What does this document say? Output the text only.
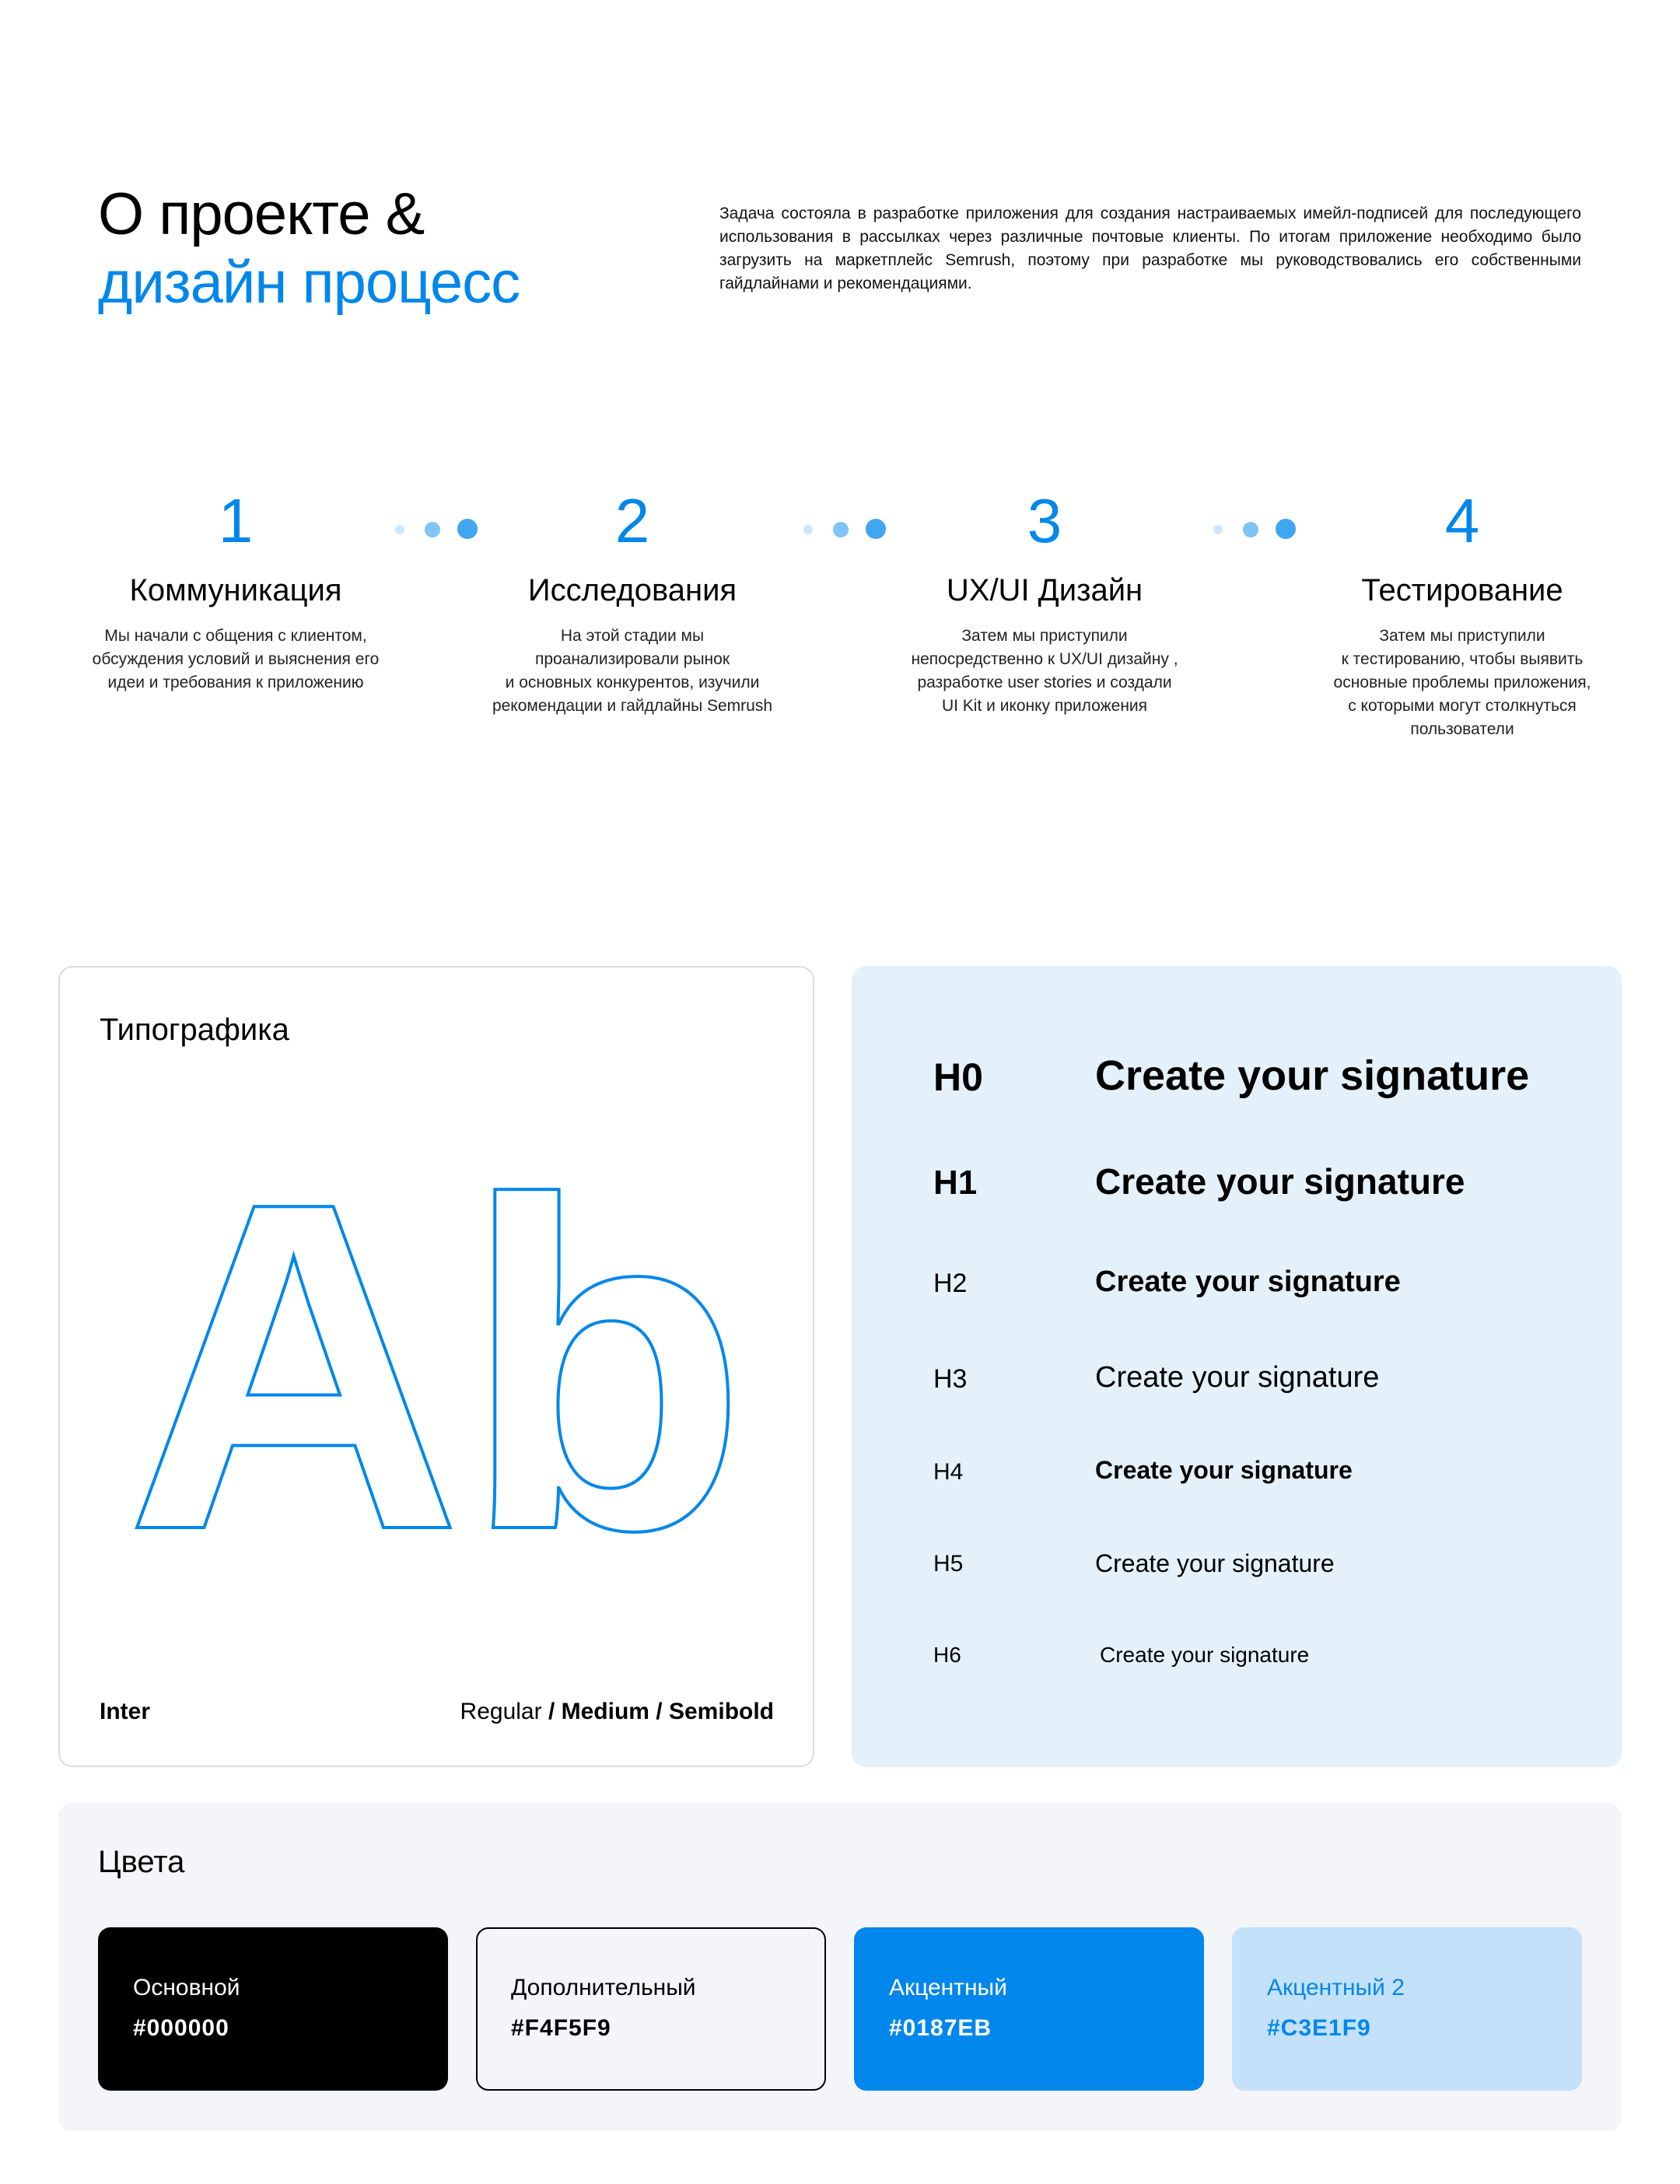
О проекте &
дизайн процесс
Задача состояла в разработке приложения для создания настраиваемых имейл-подписей для последующего использования в рассылках через различные почтовые клиенты. По итогам приложение необходимо было загрузить на маркетплейс Semrush, поэтому при разработке мы руководствовались его собственными гайдлайнами и рекомендациями.
1
Коммуникация
Мы начали с общения с клиентом,
обсуждения условий и выяснения его
идеи и требования к приложению
2
Исследования
На этой стадии мы
проанализировали рынок
и основных конкурентов, изучили
рекомендации и гайдлайны Semrush
3
UX/UI Дизайн
Затем мы приступили
непосредственно к UX/UI дизайну ,
разработке user stories и создали
UI Kit и иконку приложения
4
Тестирование
Затем мы приступили
к тестированию, чтобы выявить
основные проблемы приложения,
с которыми могут столкнуться
пользователи
Типографика
Ab
Inter	Regular / Medium / Semibold
H0	Create your signature
H1	Create your signature
H2	Create your signature
H3	Create your signature
H4	Create your signature
H5	Create your signature
H6	Create your signature
Цвета
Основной
#000000
Дополнительный
#F4F5F9
Акцентный
#0187EB
Акцентный 2
#C3E1F9
